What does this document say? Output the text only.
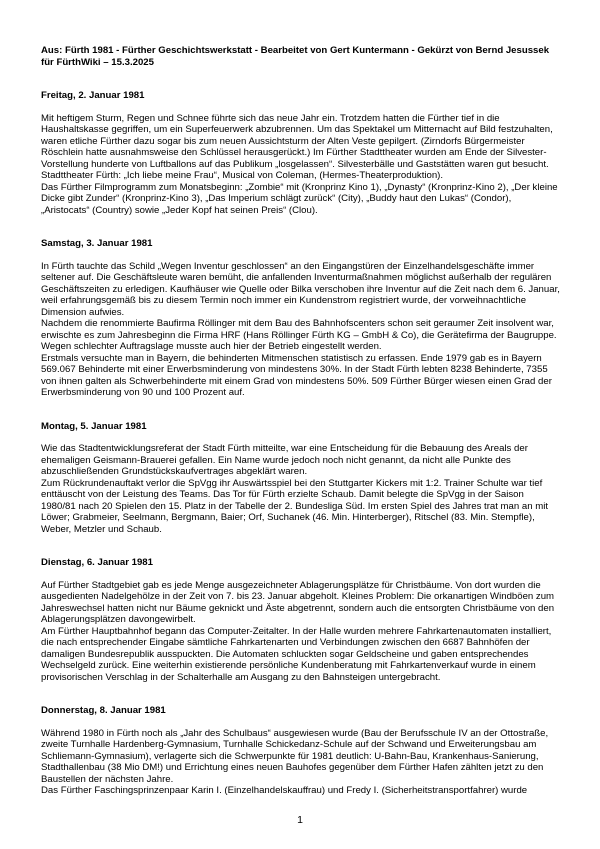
Aus: Fürth 1981 - Fürther Geschichtswerkstatt - Bearbeitet von Gert Kuntermann - Gekürzt von Bernd Jesussek für FürthWiki – 15.3.2025

Freitag, 2. Januar 1981

Mit heftigem Sturm, Regen und Schnee führte sich das neue Jahr ein. Trotzdem hatten die Fürther tief in die Haushaltskasse gegriffen, um ein Superfeuerwerk abzubrennen. Um das Spektakel um Mitternacht auf Bild festzuhalten, waren etliche Fürther dazu sogar bis zum neuen Aussichtsturm der Alten Veste gepilgert. (Zirndorfs Bürgermeister Röschlein hatte ausnahmsweise den Schlüssel herausgerückt.) Im Fürther Stadttheater wurden am Ende der Silvester-Vorstellung hunderte von Luftballons auf das Publikum „losgelassen“. Silvesterbälle und Gaststätten waren gut besucht.

Stadttheater Fürth: „Ich liebe meine Frau“, Musical von Coleman, (Hermes-Theaterproduktion).

Das Fürther Filmprogramm zum Monatsbeginn: „Zombie“ mit (Kronprinz Kino 1), „Dynasty“ (Kronprinz-Kino 2), „Der kleine Dicke gibt Zunder“ (Kronprinz-Kino 3), „Das Imperium schlägt zurück“ (City), „Buddy haut den Lukas“ (Condor), „Aristocats“ (Country) sowie „Jeder Kopf hat seinen Preis“ (Clou).

Samstag, 3. Januar 1981

In Fürth tauchte das Schild „Wegen Inventur geschlossen“ an den Eingangstüren der Einzelhandelsgeschäfte immer seltener auf. Die Geschäftsleute waren bemüht, die anfallenden Inventurmaßnahmen möglichst außerhalb der regulären Geschäftszeiten zu erledigen. Kaufhäuser wie Quelle oder Bilka verschoben ihre Inventur auf die Zeit nach dem 6. Januar, weil erfahrungsgemäß bis zu diesem Termin noch immer ein Kundenstrom registriert wurde, der vorweihnachtliche Dimension aufwies.

Nachdem die renommierte Baufirma Röllinger mit dem Bau des Bahnhofscenters schon seit geraumer Zeit insolvent war, erwischte es zum Jahresbeginn die Firma HRF (Hans Röllinger Fürth KG – GmbH & Co), die Gerätefirma der Baugruppe. Wegen schlechter Auftragslage musste auch hier der Betrieb eingestellt werden.

Erstmals versuchte man in Bayern, die behinderten Mitmenschen statistisch zu erfassen. Ende 1979 gab es in Bayern 569.067 Behinderte mit einer Erwerbsminderung von mindestens 30%. In der Stadt Fürth lebten 8238 Behinderte, 7355 von ihnen galten als Schwerbehinderte mit einem Grad von mindestens 50%. 509 Fürther Bürger wiesen einen Grad der Erwerbsminderung von 90 und 100 Prozent auf.

Montag, 5. Januar 1981

Wie das Stadtentwicklungsreferat der Stadt Fürth mitteilte, war eine Entscheidung für die Bebauung des Areals der ehemaligen Geismann-Brauerei gefallen. Ein Name wurde jedoch noch nicht genannt, da nicht alle Punkte des abzuschließenden Grundstückskaufvertrages abgeklärt waren.

Zum Rückrundenauftakt verlor die SpVgg ihr Auswärtsspiel bei den Stuttgarter Kickers mit 1:2. Trainer Schulte war tief enttäuscht von der Leistung des Teams. Das Tor für Fürth erzielte Schaub. Damit belegte die SpVgg in der Saison 1980/81 nach 20 Spielen den 15. Platz in der Tabelle der 2. Bundesliga Süd. Im ersten Spiel des Jahres trat man an mit Löwer; Grabmeier, Seelmann, Bergmann, Baier; Orf, Suchanek (46. Min. Hinterberger), Ritschel (83. Min. Stempfle), Weber, Metzler und Schaub.

Dienstag, 6. Januar 1981

Auf Fürther Stadtgebiet gab es jede Menge ausgezeichneter Ablagerungsplätze für Christbäume. Von dort wurden die ausgedienten Nadelgehölze in der Zeit von 7. bis 23. Januar abgeholt. Kleines Problem: Die orkanartigen Windböen zum Jahreswechsel hatten nicht nur Bäume geknickt und Äste abgetrennt, sondern auch die entsorgten Christbäume von den Ablagerungsplätzen davongewirbelt.

Am Fürther Hauptbahnhof begann das Computer-Zeitalter. In der Halle wurden mehrere Fahrkartenautomaten installiert, die nach entsprechender Eingabe sämtliche Fahrkartenarten und Verbindungen zwischen den 6687 Bahnhöfen der damaligen Bundesrepublik ausspuckten. Die Automaten schluckten sogar Geldscheine und gaben entsprechendes Wechselgeld zurück. Eine weiterhin existierende persönliche Kundenberatung mit Fahrkartenverkauf wurde in einem provisorischen Verschlag in der Schalterhalle am Ausgang zu den Bahnsteigen untergebracht.

Donnerstag, 8. Januar 1981

Während 1980 in Fürth noch als „Jahr des Schulbaus“ ausgewiesen wurde (Bau der Berufsschule IV an der Ottostraße, zweite Turnhalle Hardenberg-Gymnasium, Turnhalle Schickedanz-Schule auf der Schwand und Erweiterungsbau am Schliemann-Gymnasium), verlagerte sich die Schwerpunkte für 1981 deutlich: U-Bahn-Bau, Krankenhaus-Sanierung, Stadthallenbau (38 Mio DM!) und Errichtung eines neuen Bauhofes gegenüber dem Fürther Hafen zählten jetzt zu den Baustellen der nächsten Jahre.

Das Fürther Faschingsprinzenpaar Karin I. (Einzelhandelskauffrau) und Fredy I. (Sicherheitstransportfahrer) wurde

1
